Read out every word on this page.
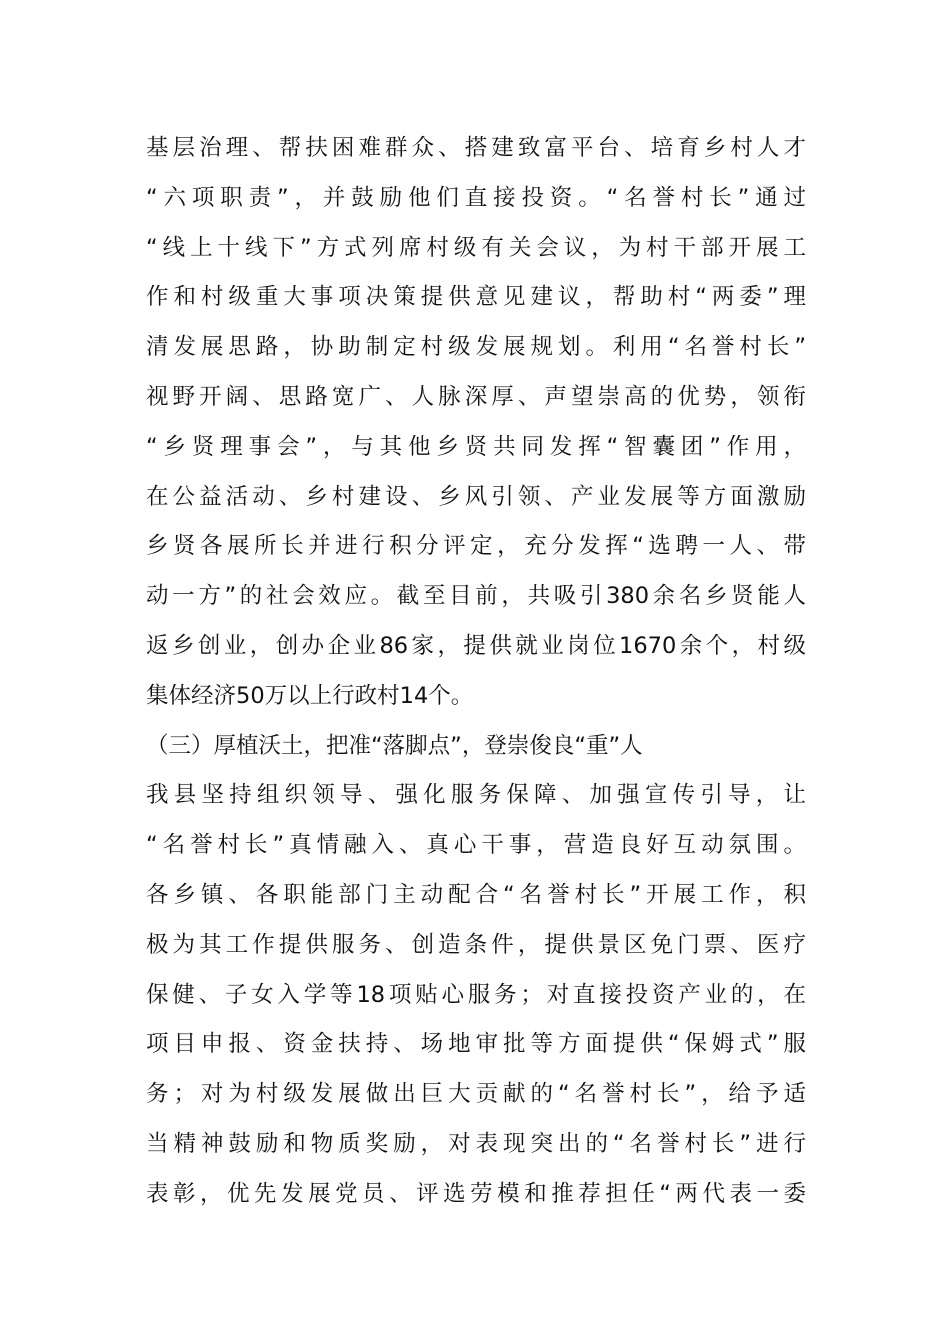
基层治理、帮扶困难群众、搭建致富平台、培育乡村人才
“六项职责”，并鼓励他们直接投资。“名誉村长”通过
“线上十线下”方式列席村级有关会议，为村干部开展工
作和村级重大事项决策提供意见建议，帮助村“两委”理
清发展思路，协助制定村级发展规划。利用“名誉村长”
视野开阔、思路宽广、人脉深厚、声望崇高的优势，领衔
“乡贤理事会”，与其他乡贤共同发挥“智囊团”作用，
在公益活动、乡村建设、乡风引领、产业发展等方面激励
乡贤各展所长并进行积分评定，充分发挥“选聘一人、带
动一方”的社会效应。截至目前，共吸引380余名乡贤能人
返乡创业，创办企业86家，提供就业岗位1670余个，村级
集体经济50万以上行政村14个。
（三）厚植沃土，把准“落脚点”，登崇俊良“重”人
我县坚持组织领导、强化服务保障、加强宣传引导，让
“名誉村长”真情融入、真心干事，营造良好互动氛围。
各乡镇、各职能部门主动配合“名誉村长”开展工作，积
极为其工作提供服务、创造条件，提供景区免门票、医疗
保健、子女入学等18项贴心服务；对直接投资产业的，在
项目申报、资金扶持、场地审批等方面提供“保姆式”服
务；对为村级发展做出巨大贡献的“名誉村长”，给予适
当精神鼓励和物质奖励，对表现突出的“名誉村长”进行
表彰，优先发展党员、评选劳模和推荐担任“两代表一委
